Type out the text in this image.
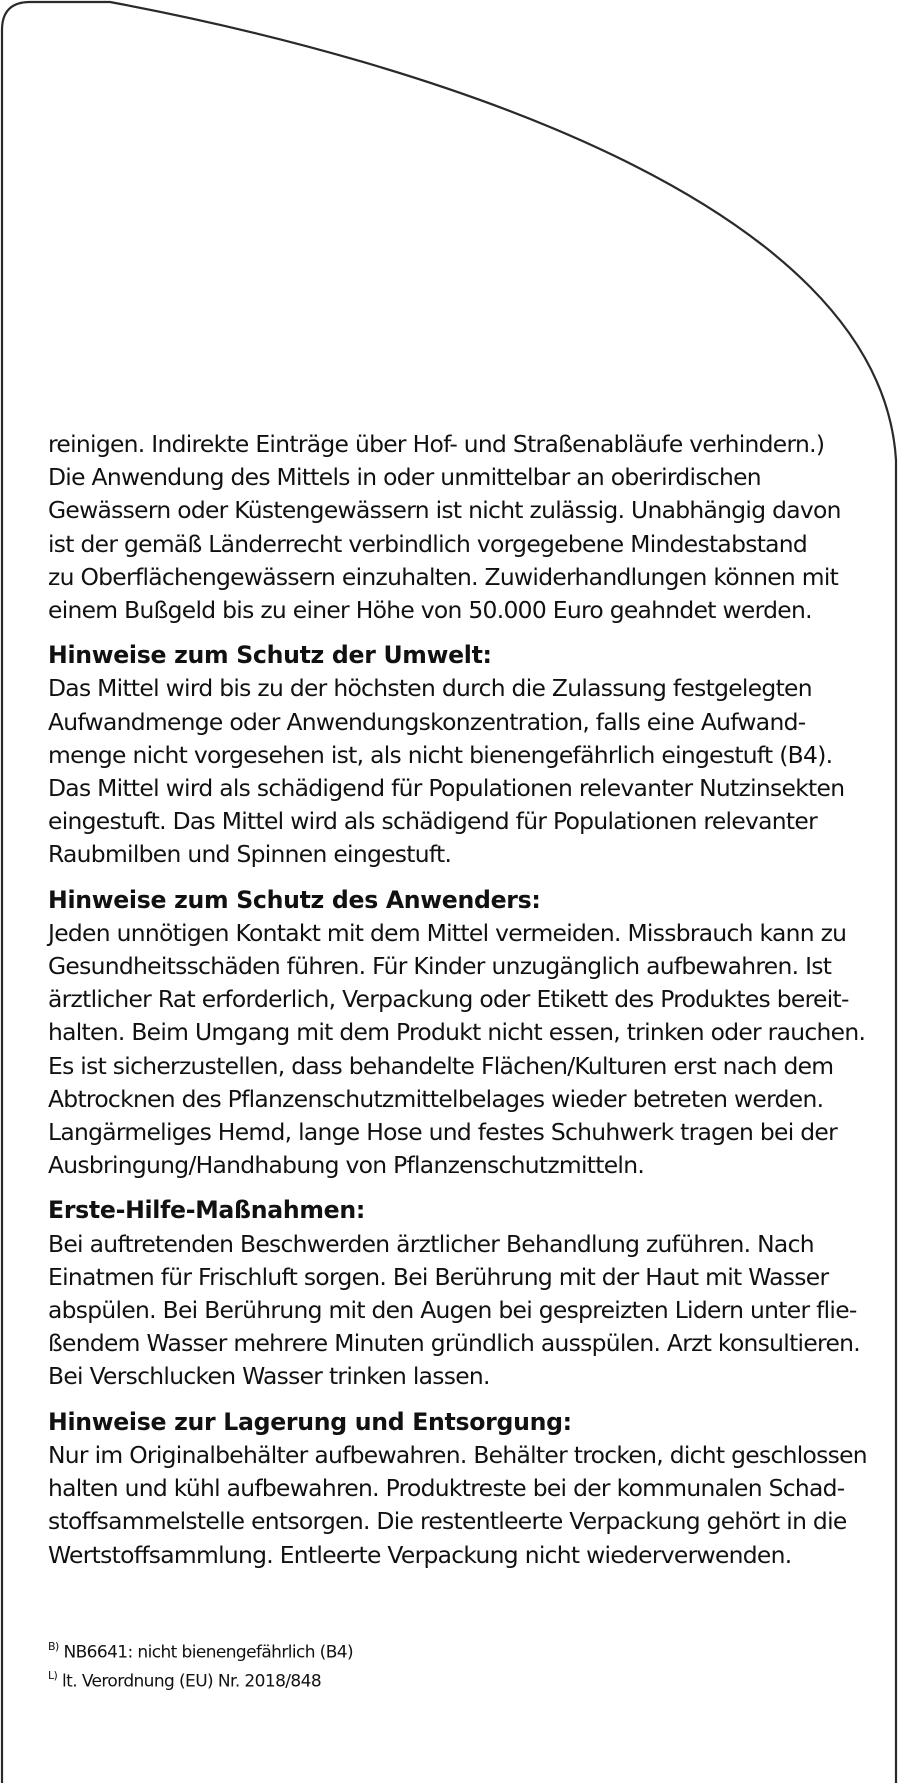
reinigen. Indirekte Einträge über Hof- und Straßenabläufe verhindern.)
Die Anwendung des Mittels in oder unmittelbar an oberirdischen
Gewässern oder Küstengewässern ist nicht zulässig. Unabhängig davon
ist der gemäß Länderrecht verbindlich vorgegebene Mindestabstand
zu Oberflächengewässern einzuhalten. Zuwiderhandlungen können mit
einem Bußgeld bis zu einer Höhe von 50.000 Euro geahndet werden.

Hinweise zum Schutz der Umwelt:

Das Mittel wird bis zu der höchsten durch die Zulassung festgelegten
Aufwandmenge oder Anwendungskonzentration, falls eine Aufwand-
menge nicht vorgesehen ist, als nicht bienengefährlich eingestuft (B4).
Das Mittel wird als schädigend für Populationen relevanter Nutzinsekten
eingestuft. Das Mittel wird als schädigend für Populationen relevanter
Raubmilben und Spinnen eingestuft.

Hinweise zum Schutz des Anwenders:

Jeden unnötigen Kontakt mit dem Mittel vermeiden. Missbrauch kann zu
Gesundheitsschäden führen. Für Kinder unzugänglich aufbewahren. Ist
ärztlicher Rat erforderlich, Verpackung oder Etikett des Produktes bereit-
halten. Beim Umgang mit dem Produkt nicht essen, trinken oder rauchen.
Es ist sicherzustellen, dass behandelte Flächen/Kulturen erst nach dem
Abtrocknen des Pflanzenschutzmittelbelages wieder betreten werden.
Langärmeliges Hemd, lange Hose und festes Schuhwerk tragen bei der
Ausbringung/Handhabung von Pflanzenschutzmitteln.

Erste-Hilfe-Maßnahmen:

Bei auftretenden Beschwerden ärztlicher Behandlung zuführen. Nach
Einatmen für Frischluft sorgen. Bei Berührung mit der Haut mit Wasser
abspülen. Bei Berührung mit den Augen bei gespreizten Lidern unter flie-
ßendem Wasser mehrere Minuten gründlich ausspülen. Arzt konsultieren.
Bei Verschlucken Wasser trinken lassen.

Hinweise zur Lagerung und Entsorgung:

Nur im Originalbehälter aufbewahren. Behälter trocken, dicht geschlossen
halten und kühl aufbewahren. Produktreste bei der kommunalen Schad-
stoffsammelstelle entsorgen. Die restentleerte Verpackung gehört in die
Wertstoffsammlung. Entleerte Verpackung nicht wiederverwenden.

$^{B)}$ NB6641: nicht bienengefährlich (B4)
$^{L)}$ lt. Verordnung (EU) Nr. 2018/848
